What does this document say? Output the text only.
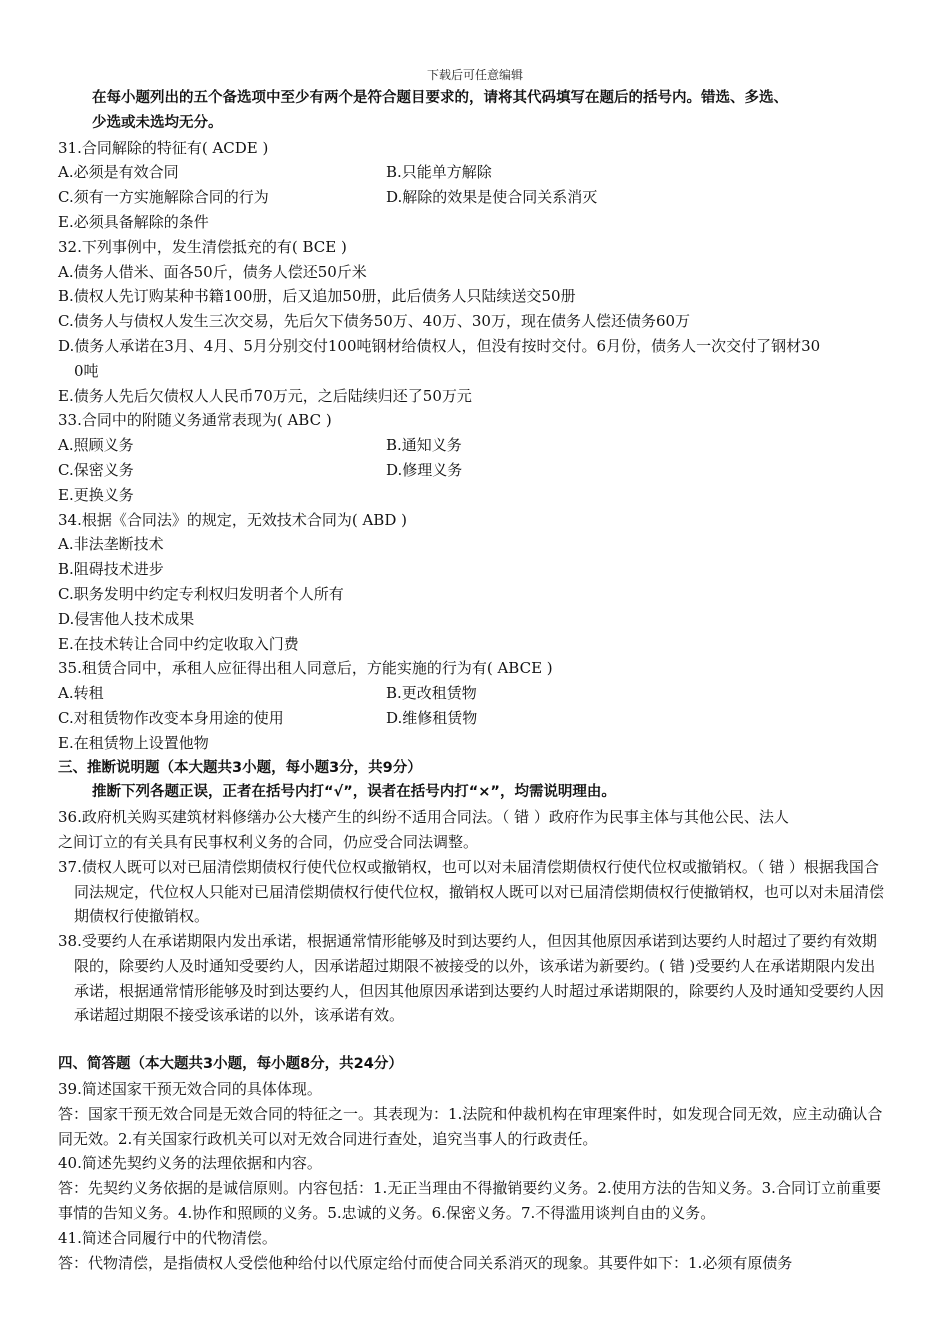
下载后可任意编辑
在每小题列出的五个备选项中至少有两个是符合题目要求的，请将其代码填写在题后的括号内。错选、多选、
少选或未选均无分。
31.合同解除的特征有( ACDE )
A.必须是有效合同	B.只能单方解除
C.须有一方实施解除合同的行为	D.解除的效果是使合同关系消灭
E.必须具备解除的条件
32.下列事例中，发生清偿抵充的有( BCE )
A.债务人借米、面各50斤，债务人偿还50斤米
B.债权人先订购某种书籍100册，后又追加50册，此后债务人只陆续送交50册
C.债务人与债权人发生三次交易，先后欠下债务50万、40万、30万，现在债务人偿还债务60万
D.债务人承诺在3月、4月、5月分别交付100吨钢材给债权人，但没有按时交付。6月份，债务人一次交付了钢材30
0吨
E.债务人先后欠债权人人民币70万元，之后陆续归还了50万元
33.合同中的附随义务通常表现为( ABC )
A.照顾义务	B.通知义务
C.保密义务	D.修理义务
E.更换义务
34.根据《合同法》的规定，无效技术合同为( ABD )
A.非法垄断技术
B.阻碍技术进步
C.职务发明中约定专利权归发明者个人所有
D.侵害他人技术成果
E.在技术转让合同中约定收取入门费
35.租赁合同中，承租人应征得出租人同意后，方能实施的行为有( ABCE )
A.转租	B.更改租赁物
C.对租赁物作改变本身用途的使用	D.维修租赁物
E.在租赁物上设置他物
三、推断说明题（本大题共3小题，每小题3分，共9分）
推断下列各题正误，正者在括号内打“√”，误者在括号内打“×”，均需说明理由。
36.政府机关购买建筑材料修缮办公大楼产生的纠纷不适用合同法。（ 错 ）政府作为民事主体与其他公民、法人
之间订立的有关具有民事权利义务的合同，仍应受合同法调整。
37.债权人既可以对已届清偿期债权行使代位权或撤销权，也可以对未届清偿期债权行使代位权或撤销权。（ 错 ）根据我国合同法规定，代位权人只能对已届清偿期债权行使代位权，撤销权人既可以对已届清偿期债权行使撤销权，也可以对未届清偿期债权行使撤销权。
38.受要约人在承诺期限内发出承诺，根据通常情形能够及时到达要约人，但因其他原因承诺到达要约人时超过了要约有效期限的，除要约人及时通知受要约人，因承诺超过期限不被接受的以外，该承诺为新要约。( 错 )受要约人在承诺期限内发出承诺，根据通常情形能够及时到达要约人，但因其他原因承诺到达要约人时超过承诺期限的，除要约人及时通知受要约人因承诺超过期限不接受该承诺的以外，该承诺有效。
四、简答题（本大题共3小题，每小题8分，共24分）
39.简述国家干预无效合同的具体体现。
答：国家干预无效合同是无效合同的特征之一。其表现为：1.法院和仲裁机构在审理案件时，如发现合同无效，应主动确认合同无效。2.有关国家行政机关可以对无效合同进行查处，追究当事人的行政责任。
40.简述先契约义务的法理依据和内容。
答：先契约义务依据的是诚信原则。内容包括：1.无正当理由不得撤销要约义务。2.使用方法的告知义务。3.合同订立前重要事情的告知义务。4.协作和照顾的义务。5.忠诚的义务。6.保密义务。7.不得滥用谈判自由的义务。
41.简述合同履行中的代物清偿。
答：代物清偿，是指债权人受偿他种给付以代原定给付而使合同关系消灭的现象。其要件如下：1.必须有原债务
